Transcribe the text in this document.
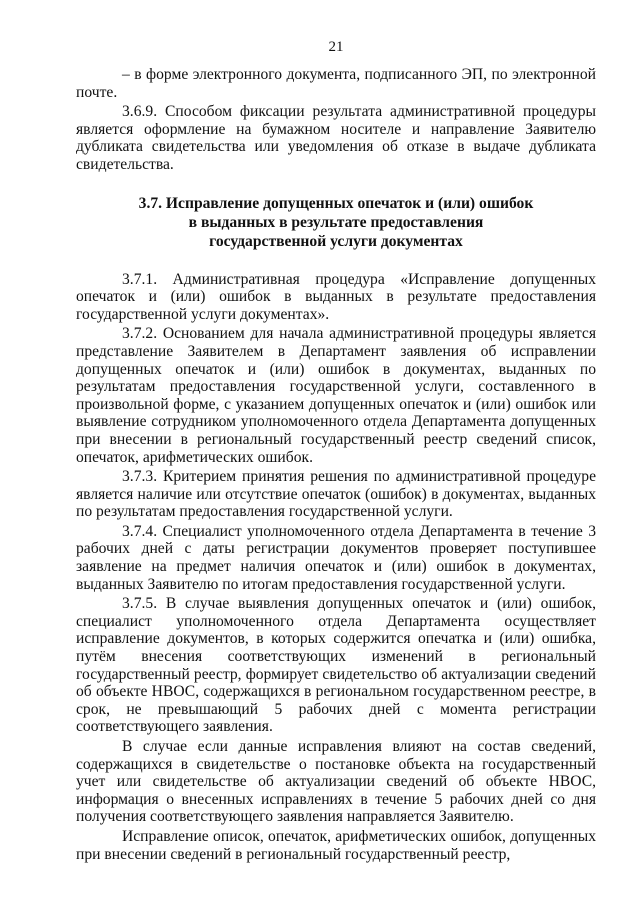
21

– в форме электронного документа, подписанного ЭП, по электронной почте.

3.6.9. Способом фиксации результата административной процедуры является оформление на бумажном носителе и направление Заявителю дубликата свидетельства или уведомления об отказе в выдаче дубликата свидетельства.

3.7. Исправление допущенных опечаток и (или) ошибок
в выданных в результате предоставления
государственной услуги документах

3.7.1. Административная процедура «Исправление допущенных опечаток и (или) ошибок в выданных в результате предоставления государственной услуги документах».

3.7.2. Основанием для начала административной процедуры является представление Заявителем в Департамент заявления об исправлении допущенных опечаток и (или) ошибок в документах, выданных по результатам предоставления государственной услуги, составленного в произвольной форме, с указанием допущенных опечаток и (или) ошибок или выявление сотрудником уполномоченного отдела Департамента допущенных при внесении в региональный государственный реестр сведений список, опечаток, арифметических ошибок.

3.7.3. Критерием принятия решения по административной процедуре является наличие или отсутствие опечаток (ошибок) в документах, выданных по результатам предоставления государственной услуги.

3.7.4. Специалист уполномоченного отдела Департамента в течение 3 рабочих дней с даты регистрации документов проверяет поступившее заявление на предмет наличия опечаток и (или) ошибок в документах, выданных Заявителю по итогам предоставления государственной услуги.

3.7.5. В случае выявления допущенных опечаток и (или) ошибок, специалист уполномоченного отдела Департамента осуществляет исправление документов, в которых содержится опечатка и (или) ошибка, путём внесения соответствующих изменений в региональный государственный реестр, формирует свидетельство об актуализации сведений об объекте НВОС, содержащихся в региональном государственном реестре, в срок, не превышающий 5 рабочих дней с момента регистрации соответствующего заявления.

В случае если данные исправления влияют на состав сведений, содержащихся в свидетельстве о постановке объекта на государственный учет или свидетельстве об актуализации сведений об объекте НВОС, информация о внесенных исправлениях в течение 5 рабочих дней со дня получения соответствующего заявления направляется Заявителю.

Исправление описок, опечаток, арифметических ошибок, допущенных при внесении сведений в региональный государственный реестр,
